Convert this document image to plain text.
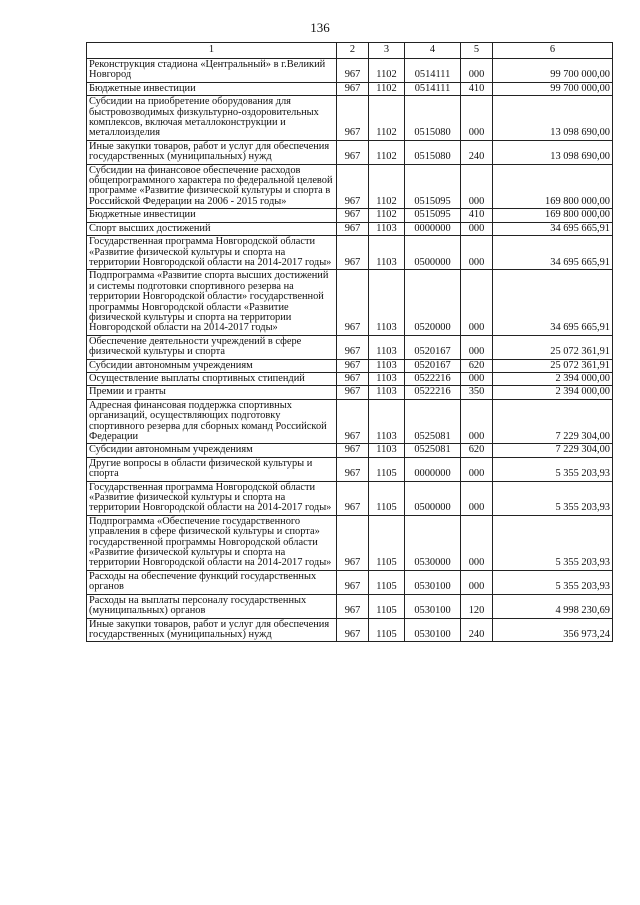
136
1	2	3	4	5	6
Реконструкция стадиона «Центральный» в г.Великий Новгород	967	1102	0514111	000	99 700 000,00
Бюджетные инвестиции	967	1102	0514111	410	99 700 000,00
Субсидии на приобретение оборудования для быстровозводимых физкультурно-оздоровительных комплексов, включая металлоконструкции и металлоизделия	967	1102	0515080	000	13 098 690,00
Иные закупки товаров, работ и услуг для обеспечения государственных (муниципальных) нужд	967	1102	0515080	240	13 098 690,00
Субсидии на финансовое обеспечение расходов общепрограммного характера по федеральной целевой программе «Развитие физической культуры и спорта в Российской Федерации на 2006 - 2015 годы»	967	1102	0515095	000	169 800 000,00
Бюджетные инвестиции	967	1102	0515095	410	169 800 000,00
Спорт высших достижений	967	1103	0000000	000	34 695 665,91
Государственная программа Новгородской области «Развитие физической культуры и спорта на территории Новгородской области на 2014-2017 годы»	967	1103	0500000	000	34 695 665,91
Подпрограмма «Развитие спорта высших достижений и системы подготовки спортивного резерва на территории Новгородской области» государственной программы Новгородской области «Развитие физической культуры и спорта на территории Новгородской области на 2014-2017 годы»	967	1103	0520000	000	34 695 665,91
Обеспечение деятельности учреждений в сфере физической культуры и спорта	967	1103	0520167	000	25 072 361,91
Субсидии автономным учреждениям	967	1103	0520167	620	25 072 361,91
Осуществление выплаты спортивных стипендий	967	1103	0522216	000	2 394 000,00
Премии и гранты	967	1103	0522216	350	2 394 000,00
Адресная финансовая поддержка спортивных организаций, осуществляющих подготовку спортивного резерва для сборных команд Российской Федерации	967	1103	0525081	000	7 229 304,00
Субсидии автономным учреждениям	967	1103	0525081	620	7 229 304,00
Другие вопросы в области физической культуры и спорта	967	1105	0000000	000	5 355 203,93
Государственная программа Новгородской области «Развитие физической культуры и спорта на территории Новгородской области на 2014-2017 годы»	967	1105	0500000	000	5 355 203,93
Подпрограмма «Обеспечение государственного управления в сфере физической культуры и спорта» государственной программы Новгородской области «Развитие физической культуры и спорта на территории Новгородской области на 2014-2017 годы»	967	1105	0530000	000	5 355 203,93
Расходы на обеспечение функций государственных органов	967	1105	0530100	000	5 355 203,93
Расходы на выплаты персоналу государственных (муниципальных) органов	967	1105	0530100	120	4 998 230,69
Иные закупки товаров, работ и услуг для обеспечения государственных (муниципальных) нужд	967	1105	0530100	240	356 973,24
